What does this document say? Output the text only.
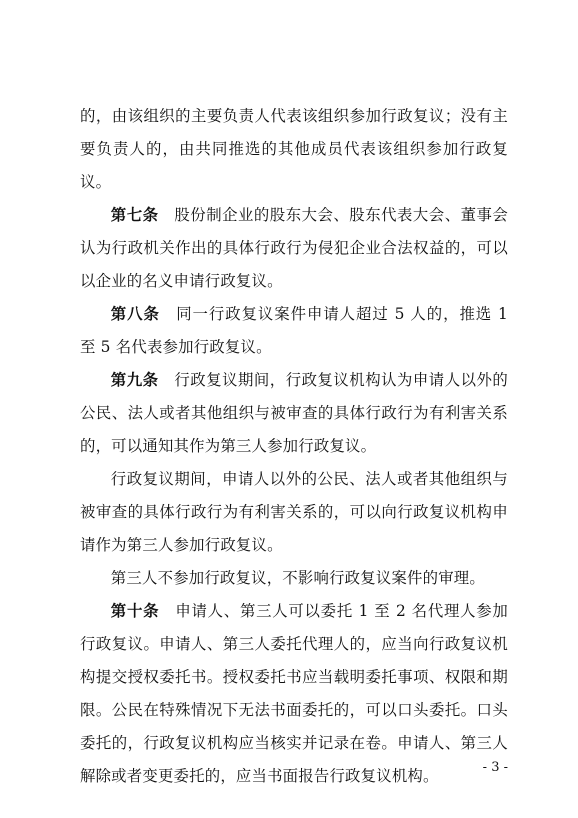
的，由该组织的主要负责人代表该组织参加行政复议；没有主要负责人的，由共同推选的其他成员代表该组织参加行政复议。

第七条　股份制企业的股东大会、股东代表大会、董事会认为行政机关作出的具体行政行为侵犯企业合法权益的，可以以企业的名义申请行政复议。

第八条　同一行政复议案件申请人超过 5 人的，推选 1 至 5 名代表参加行政复议。

第九条　行政复议期间，行政复议机构认为申请人以外的公民、法人或者其他组织与被审查的具体行政行为有利害关系的，可以通知其作为第三人参加行政复议。

行政复议期间，申请人以外的公民、法人或者其他组织与被审查的具体行政行为有利害关系的，可以向行政复议机构申请作为第三人参加行政复议。

第三人不参加行政复议，不影响行政复议案件的审理。

第十条　申请人、第三人可以委托 1 至 2 名代理人参加行政复议。申请人、第三人委托代理人的，应当向行政复议机构提交授权委托书。授权委托书应当载明委托事项、权限和期限。公民在特殊情况下无法书面委托的，可以口头委托。口头委托的，行政复议机构应当核实并记录在卷。申请人、第三人解除或者变更委托的，应当书面报告行政复议机构。	- 3 -
